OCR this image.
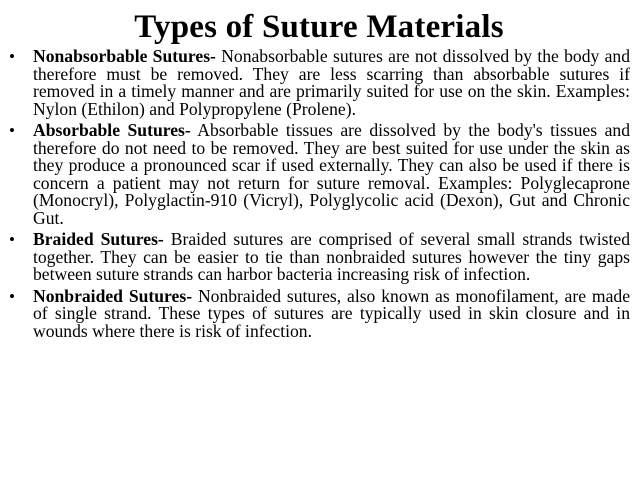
Types of Suture Materials
• Nonabsorbable Sutures- Nonabsorbable sutures are not dissolved by the body and therefore must be removed. They are less scarring than absorbable sutures if removed in a timely manner and are primarily suited for use on the skin. Examples: Nylon (Ethilon) and Polypropylene (Prolene).
• Absorbable Sutures- Absorbable tissues are dissolved by the body's tissues and therefore do not need to be removed. They are best suited for use under the skin as they produce a pronounced scar if used externally. They can also be used if there is concern a patient may not return for suture removal. Examples: Polyglecaprone (Monocryl), Polyglactin-910 (Vicryl), Polyglycolic acid (Dexon), Gut and Chronic Gut.
• Braided Sutures- Braided sutures are comprised of several small strands twisted together. They can be easier to tie than nonbraided sutures however the tiny gaps between suture strands can harbor bacteria increasing risk of infection.
• Nonbraided Sutures- Nonbraided sutures, also known as monofilament, are made of single strand. These types of sutures are typically used in skin closure and in wounds where there is risk of infection.
